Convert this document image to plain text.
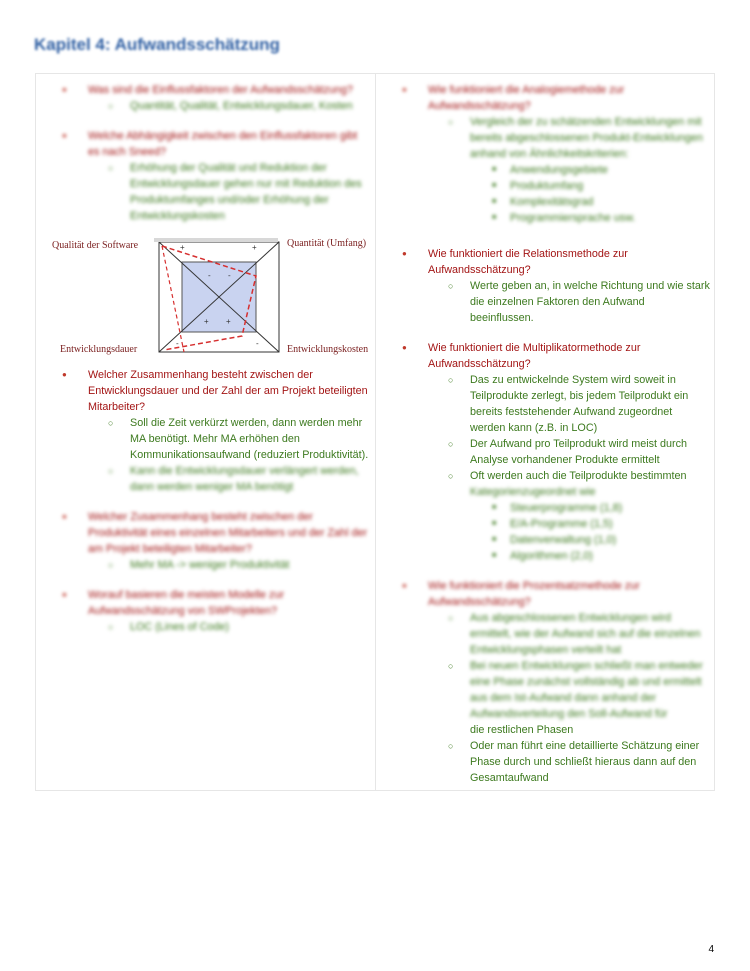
Kapitel 4: Aufwandsschätzung
● Was sind die Einflussfaktoren der Aufwandsschätzung?
○ Quantität, Qualität, Entwicklungsdauer, Kosten
● Welche Abhängigkeit zwischen den Einflussfaktoren gibt es nach Sneed?
○ Erhöhung der Qualität und Reduktion der Entwicklungsdauer gehen nur mit Reduktion des Produktumfanges und/oder Erhöhung der Entwicklungskosten
+	+
- -
+ +
-	-
Qualität der Software	Quantität (Umfang)
Entwicklungsdauer	Entwicklungskosten
● Welcher Zusammenhang besteht zwischen der Entwicklungsdauer und der Zahl der am Projekt beteiligten Mitarbeiter?
○ Soll die Zeit verkürzt werden, dann werden mehr MA benötigt. Mehr MA erhöhen den Kommunikationsaufwand (reduziert Produktivität).
○ Kann die Entwicklungsdauer verlängert werden, dann werden weniger MA benötigt
● Welcher Zusammenhang besteht zwischen der Produktivität eines einzelnen Mitarbeiters und der Zahl der am Projekt beteiligten Mitarbeiter?
○ Mehr MA -> weniger Produktivität
● Worauf basieren die meisten Modelle zur Aufwandsschätzung von SWProjekten?
○ LOC (Lines of Code)
● Wie funktioniert die Analogiemethode zur Aufwandsschätzung?
○ Vergleich der zu schätzenden Entwicklungen mit bereits abgeschlossenen Produkt-Entwicklungen anhand von Ähnlichkeitskriterien:
■ Anwendungsgebiete
■ Produktumfang
■ Komplexitätsgrad
■ Programmiersprache usw.
● Wie funktioniert die Relationsmethode zur Aufwandsschätzung?
○ Werte geben an, in welche Richtung und wie stark die einzelnen Faktoren den Aufwand beeinflussen.
● Wie funktioniert die Multiplikatormethode zur Aufwandsschätzung?
○ Das zu entwickelnde System wird soweit in Teilprodukte zerlegt, bis jedem Teilprodukt ein bereits feststehender Aufwand zugeordnet werden kann (z.B. in LOC)
○ Der Aufwand pro Teilprodukt wird meist durch Analyse vorhandener Produkte ermittelt
○ Oft werden auch die Teilprodukte bestimmten
Kategorienzugeordnet wie
■ Steuerprogramme (1,8)
■ E/A-Programme (1,5)
■ Datenverwaltung (1,0)
■ Algorithmen (2,0)
● Wie funktioniert die Prozentsatzmethode zur Aufwandsschätzung?
○ Aus abgeschlossenen Entwicklungen wird ermittelt, wie der Aufwand sich auf die einzelnen Entwicklungsphasen verteilt hat
○ Bei neuen Entwicklungen schließt man entweder eine Phase zunächst vollständig ab und ermittelt aus dem Ist-Aufwand dann anhand der Aufwandsverteilung den Soll-Aufwand für die restlichen Phasen
○ Oder man führt eine detaillierte Schätzung einer Phase durch und schließt hieraus dann auf den Gesamtaufwand
4
